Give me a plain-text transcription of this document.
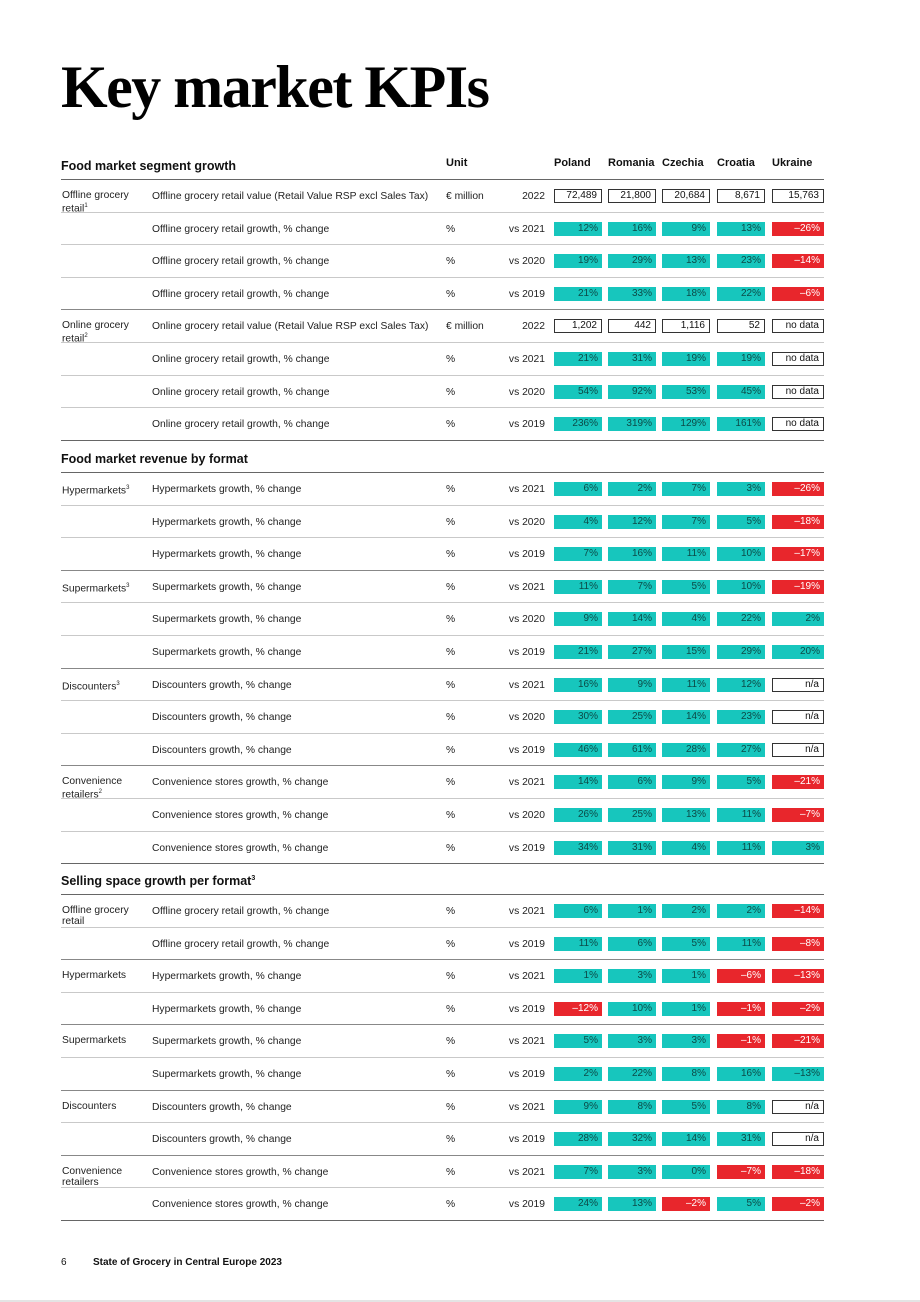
Key market KPIs
Food market segment growth	Unit	Poland Romania Czechia Croatia Ukraine
Offline grocery retail$^1$
Offline grocery retail value (Retail Value RSP excl Sales Tax) € million	2022	72,489	21,800	20,684	8,671	15,763
Offline grocery retail growth, % change	%	vs 2021	12%	16%	9%	13%	–26%
Offline grocery retail growth, % change	%	vs 2020	19%	29%	13%	23%	–14%
Offline grocery retail growth, % change	%	vs 2019	21%	33%	18%	22%	–6%
Online grocery retail$^2$
Online grocery retail value (Retail Value RSP excl Sales Tax) € million	2022	1,202	442	1,116	52	no data
Online grocery retail growth, % change	%	vs 2021	21%	31%	19%	19%	no data
Online grocery retail growth, % change	%	vs 2020	54%	92%	53%	45%	no data
Online grocery retail growth, % change	%	vs 2019	236%	319%	129%	161%	no data
Food market revenue by format
Hypermarkets$^3$	Hypermarkets growth, % change	%	vs 2021	6%	2%	7%	3%	–26%
Hypermarkets growth, % change	%	vs 2020	4%	12%	7%	5%	–18%
Hypermarkets growth, % change	%	vs 2019	7%	16%	11%	10%	–17%
Supermarkets$^3$	Supermarkets growth, % change	%	vs 2021	11%	7%	5%	10%	–19%
Supermarkets growth, % change	%	vs 2020	9%	14%	4%	22%	2%
Supermarkets growth, % change	%	vs 2019	21%	27%	15%	29%	20%
Discounters$^3$	Discounters growth, % change	%	vs 2021	16%	9%	11%	12%	n/a
Discounters growth, % change	%	vs 2020	30%	25%	14%	23%	n/a
Discounters growth, % change	%	vs 2019	46%	61%	28%	27%	n/a
Convenience retailers$^2$
Convenience stores growth, % change	%	vs 2021	14%	6%	9%	5%	–21%
Convenience stores growth, % change	%	vs 2020	26%	25%	13%	11%	–7%
Convenience stores growth, % change	%	vs 2019	34%	31%	4%	11%	3%
Selling space growth per format$^3$
Offline grocery retail
Offline grocery retail growth, % change	%	vs 2021	6%	1%	2%	2%	–14%
Offline grocery retail growth, % change	%	vs 2019	11%	6%	5%	11%	–8%
Hypermarkets	Hypermarkets growth, % change	%	vs 2021	1%	3%	1%	–6%	–13%
Hypermarkets growth, % change	%	vs 2019	–12%	10%	1%	–1%	–2%
Supermarkets	Supermarkets growth, % change	%	vs 2021	5%	3%	3%	–1%	–21%
Supermarkets growth, % change	%	vs 2019	2%	22%	8%	16%	–13%
Discounters	Discounters growth, % change	%	vs 2021	9%	8%	5%	8%	n/a
Discounters growth, % change	%	vs 2019	28%	32%	14%	31%	n/a
Convenience retailers
Convenience stores growth, % change	%	vs 2021	7%	3%	0%	–7%	–18%
Convenience stores growth, % change	%	vs 2019	24%	13%	–2%	5%	–2%
6	State of Grocery in Central Europe 2023
